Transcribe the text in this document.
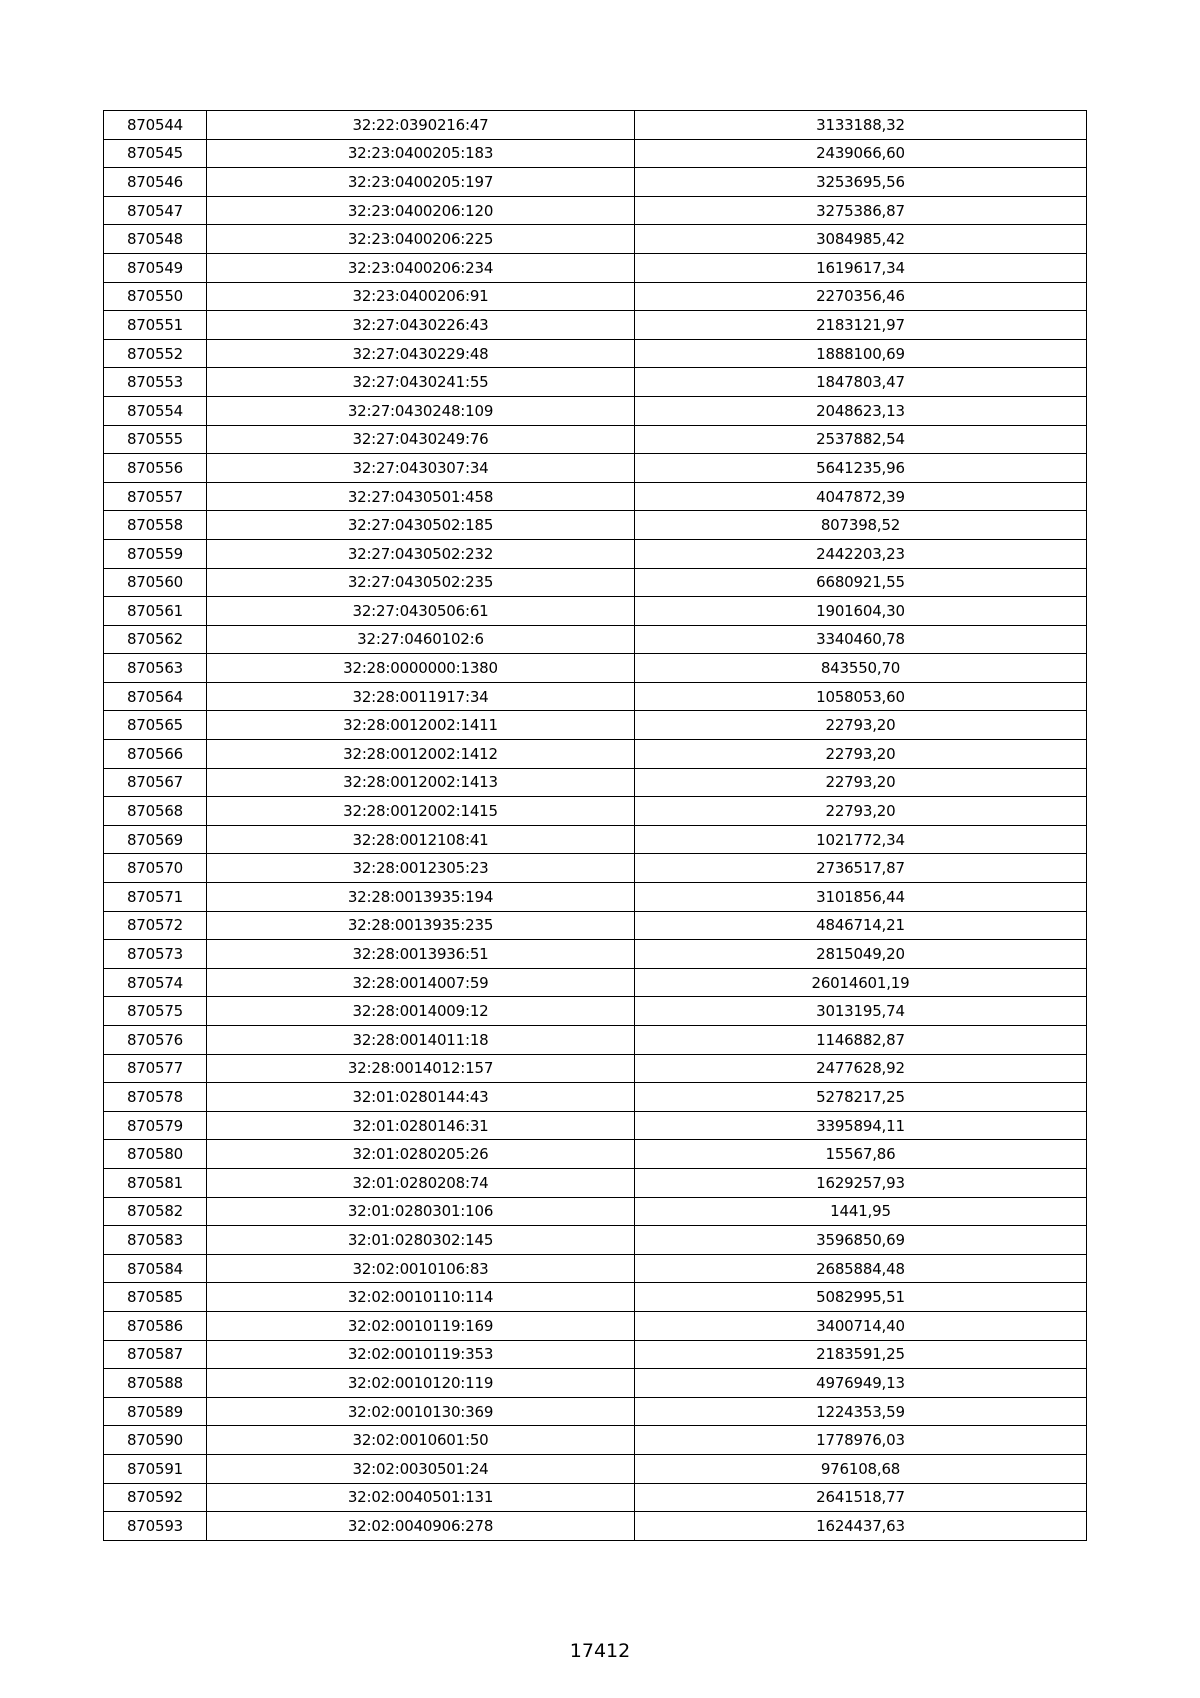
870544	32:22:0390216:47	3133188,32
870545	32:23:0400205:183	2439066,60
870546	32:23:0400205:197	3253695,56
870547	32:23:0400206:120	3275386,87
870548	32:23:0400206:225	3084985,42
870549	32:23:0400206:234	1619617,34
870550	32:23:0400206:91	2270356,46
870551	32:27:0430226:43	2183121,97
870552	32:27:0430229:48	1888100,69
870553	32:27:0430241:55	1847803,47
870554	32:27:0430248:109	2048623,13
870555	32:27:0430249:76	2537882,54
870556	32:27:0430307:34	5641235,96
870557	32:27:0430501:458	4047872,39
870558	32:27:0430502:185	807398,52
870559	32:27:0430502:232	2442203,23
870560	32:27:0430502:235	6680921,55
870561	32:27:0430506:61	1901604,30
870562	32:27:0460102:6	3340460,78
870563	32:28:0000000:1380	843550,70
870564	32:28:0011917:34	1058053,60
870565	32:28:0012002:1411	22793,20
870566	32:28:0012002:1412	22793,20
870567	32:28:0012002:1413	22793,20
870568	32:28:0012002:1415	22793,20
870569	32:28:0012108:41	1021772,34
870570	32:28:0012305:23	2736517,87
870571	32:28:0013935:194	3101856,44
870572	32:28:0013935:235	4846714,21
870573	32:28:0013936:51	2815049,20
870574	32:28:0014007:59	26014601,19
870575	32:28:0014009:12	3013195,74
870576	32:28:0014011:18	1146882,87
870577	32:28:0014012:157	2477628,92
870578	32:01:0280144:43	5278217,25
870579	32:01:0280146:31	3395894,11
870580	32:01:0280205:26	15567,86
870581	32:01:0280208:74	1629257,93
870582	32:01:0280301:106	1441,95
870583	32:01:0280302:145	3596850,69
870584	32:02:0010106:83	2685884,48
870585	32:02:0010110:114	5082995,51
870586	32:02:0010119:169	3400714,40
870587	32:02:0010119:353	2183591,25
870588	32:02:0010120:119	4976949,13
870589	32:02:0010130:369	1224353,59
870590	32:02:0010601:50	1778976,03
870591	32:02:0030501:24	976108,68
870592	32:02:0040501:131	2641518,77
870593	32:02:0040906:278	1624437,63
17412
